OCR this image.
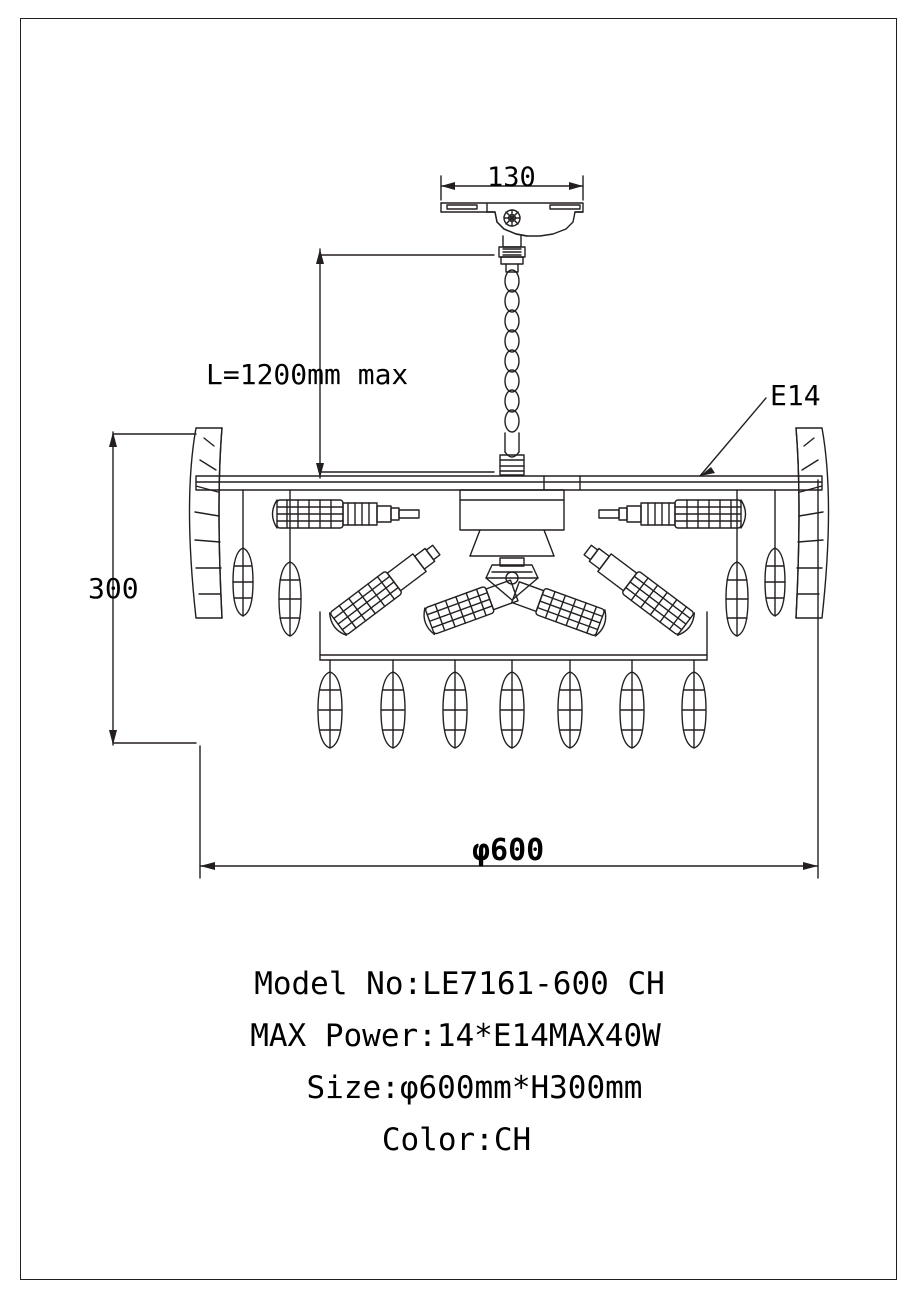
130
L=1200mm max
E14
300
φ600
Model No:LE7161-600 CH
MAX Power:14*E14MAX40W
Size:φ600mm*H300mm
Color:CH
